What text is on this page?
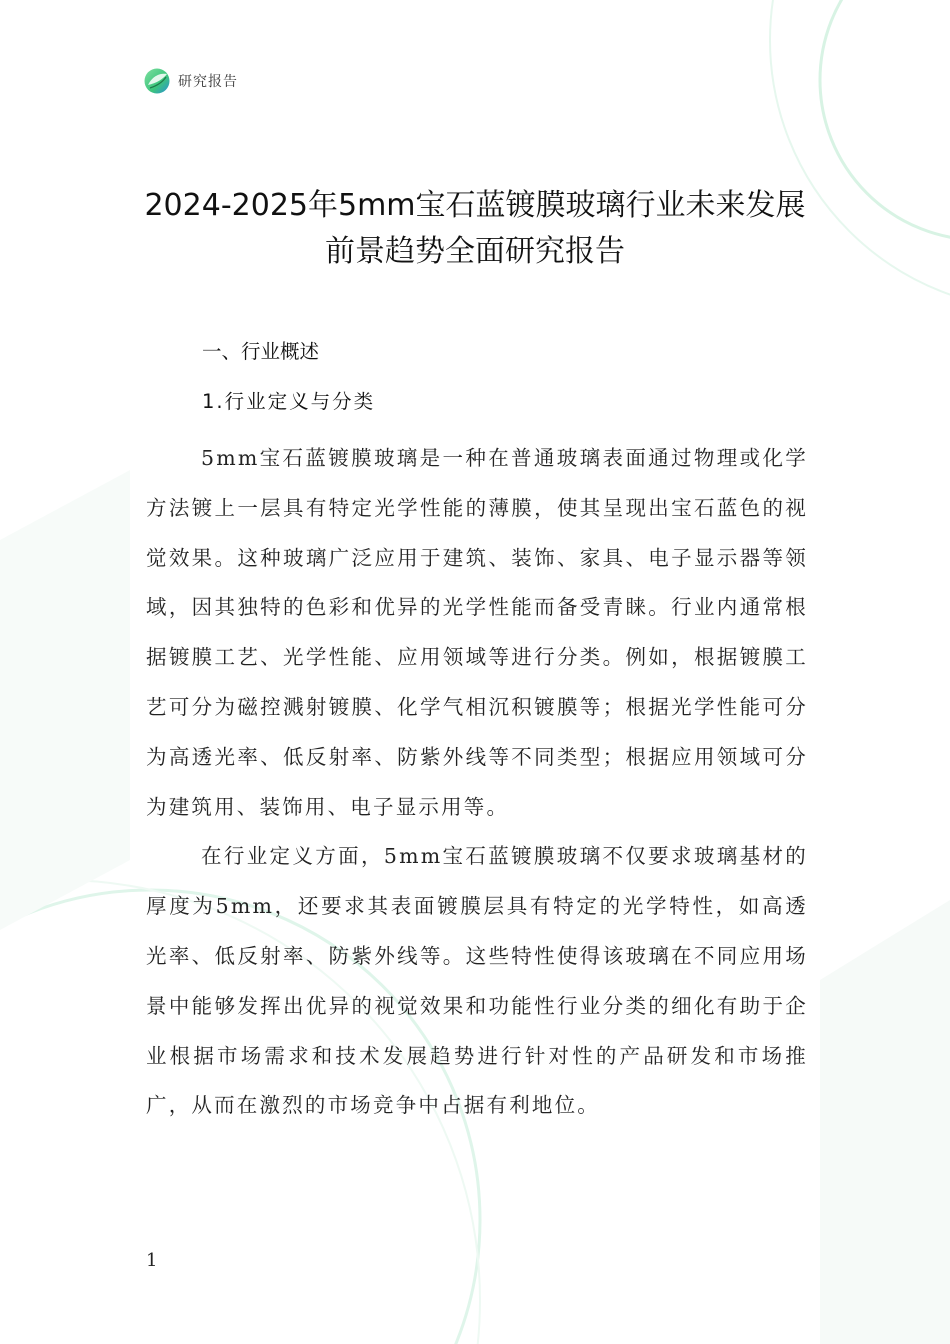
研究报告
2024-2025年5mm宝石蓝镀膜玻璃行业未来发展
前景趋势全面研究报告
一、行业概述
1.行业定义与分类

5mm宝石蓝镀膜玻璃是一种在普通玻璃表面通过物理或化学方法镀上一层具有特定光学性能的薄膜，使其呈现出宝石蓝色的视觉效果。这种玻璃广泛应用于建筑、装饰、家具、电子显示器等领域，因其独特的色彩和优异的光学性能而备受青睐。行业内通常根据镀膜工艺、光学性能、应用领域等进行分类。例如，根据镀膜工艺可分为磁控溅射镀膜、化学气相沉积镀膜等；根据光学性能可分为高透光率、低反射率、防紫外线等不同类型；根据应用领域可分为建筑用、装饰用、电子显示用等。

在行业定义方面，5mm宝石蓝镀膜玻璃不仅要求玻璃基材的厚度为5mm，还要求其表面镀膜层具有特定的光学特性，如高透光率、低反射率、防紫外线等。这些特性使得该玻璃在不同应用场景中能够发挥出优异的视觉效果和功能性行业分类的细化有助于企业根据市场需求和技术发展趋势进行针对性的产品研发和市场推广，从而在激烈的市场竞争中占据有利地位。

1
